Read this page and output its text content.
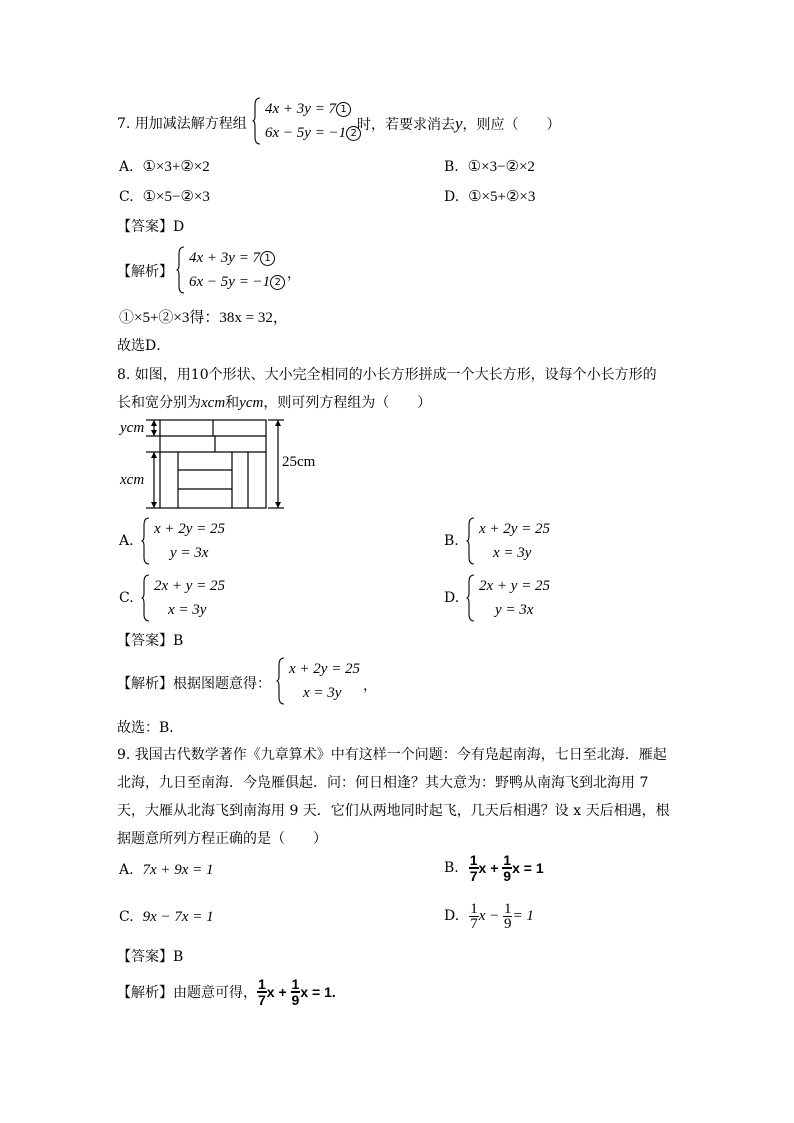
7. 用加减法解方程组
4x + 3y = 7 1
6x − 5y = −1 2
时，若要求消去y，则应（　　）
A. ①×3+②×2	B. ①×3−②×2
C. ①×5−②×3	D. ①×5+②×3
【答案】D
【解析】
4x + 3y = 7 1
6x − 5y = −1 2
，
①×5+②×3得：38x = 32，
故选D．
8. 如图，用10个形状、大小完全相同的小长方形拼成一个大长方形，设每个小长方形的
长和宽分别为xcm和ycm，则可列方程组为（　　）
ycm
xcm
25cm
A.
x + 2y = 25
y = 3x
B.
x + 2y = 25
x = 3y
C.
2x + y = 25
x = 3y
D.
2x + y = 25
y = 3x
【答案】B
【解析】根据图题意得：
x + 2y = 25
x = 3y	，
故选：B．
9. 我国古代数学著作《九章算术》中有这样一个问题：今有凫起南海，七日至北海．雁起
北海，九日至南海．今凫雁俱起．问：何日相逢？其大意为：野鸭从南海飞到北海用 7
天，大雁从北海飞到南海用 9 天．它们从两地同时起飞，几天后相遇？设 x 天后相遇，根
据题意所列方程正确的是（　　）
A. 7x + 9x = 1	B. $\frac{1}{7}$ $x + \frac{1}{9}$ x = 1
C. 9x − 7x = 1	D. $\frac{1}{7}$ $x - \frac{1}{9} = 1$
【答案】B
【解析】 由题意可得， $\frac{1}{7}$ $x + \frac{1}{9}$ x = 1 .
